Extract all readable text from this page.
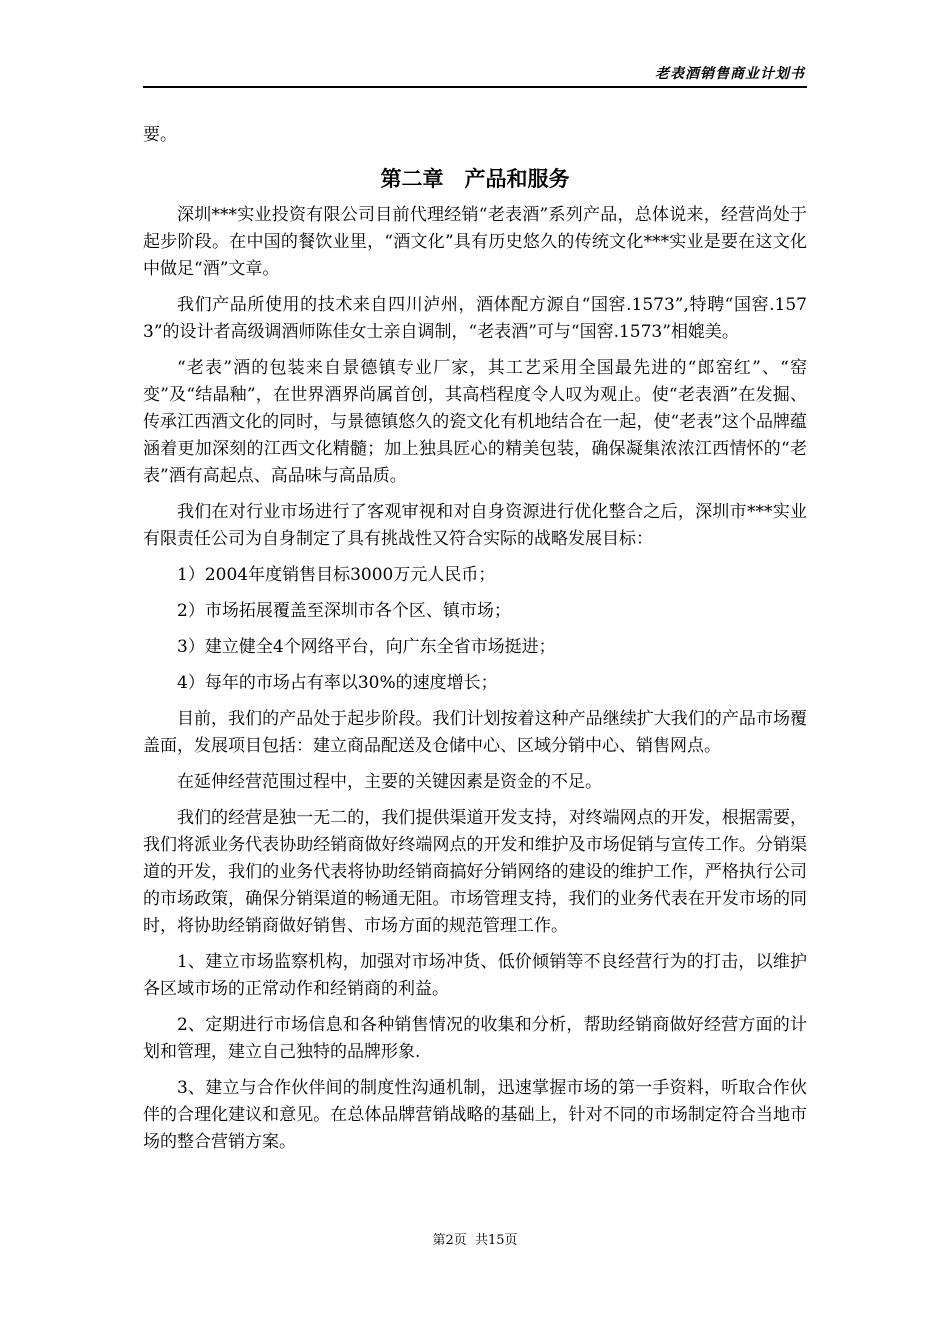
老表酒销售商业计划书

要。

第二章　产品和服务

深圳***实业投资有限公司目前代理经销“老表酒”系列产品，总体说来，经营尚处于起步阶段。在中国的餐饮业里，“酒文化”具有历史悠久的传统文化***实业是要在这文化中做足“酒”文章。

我们产品所使用的技术来自四川泸州，酒体配方源自“国窖.1573”,特聘“国窖.1573”的设计者高级调酒师陈佳女士亲自调制，“老表酒”可与“国窖.1573”相媲美。

“老表”酒的包装来自景德镇专业厂家，其工艺采用全国最先进的“郎窑红”、“窑变”及“结晶釉”，在世界酒界尚属首创，其高档程度令人叹为观止。使“老表酒”在发掘、传承江西酒文化的同时，与景德镇悠久的瓷文化有机地结合在一起，使“老表”这个品牌蕴涵着更加深刻的江西文化精髓；加上独具匠心的精美包装，确保凝集浓浓江西情怀的“老表”酒有高起点、高品味与高品质。

我们在对行业市场进行了客观审视和对自身资源进行优化整合之后，深圳市***实业有限责任公司为自身制定了具有挑战性又符合实际的战略发展目标：

1）2004年度销售目标3000万元人民币；

2）市场拓展覆盖至深圳市各个区、镇市场；

3）建立健全4个网络平台，向广东全省市场挺进；

4）每年的市场占有率以30%的速度增长；

目前，我们的产品处于起步阶段。我们计划按着这种产品继续扩大我们的产品市场覆盖面，发展项目包括：建立商品配送及仓储中心、区域分销中心、销售网点。

在延伸经营范围过程中，主要的关键因素是资金的不足。

我们的经营是独一无二的，我们提供渠道开发支持，对终端网点的开发，根据需要，我们将派业务代表协助经销商做好终端网点的开发和维护及市场促销与宣传工作。分销渠道的开发，我们的业务代表将协助经销商搞好分销网络的建设的维护工作，严格执行公司的市场政策，确保分销渠道的畅通无阻。市场管理支持，我们的业务代表在开发市场的同时，将协助经销商做好销售、市场方面的规范管理工作。

1、建立市场监察机构，加强对市场冲货、低价倾销等不良经营行为的打击，以维护各区域市场的正常动作和经销商的利益。

2、定期进行市场信息和各种销售情况的收集和分析，帮助经销商做好经营方面的计划和管理，建立自己独特的品牌形象.

3、建立与合作伙伴间的制度性沟通机制，迅速掌握市场的第一手资料，听取合作伙伴的合理化建议和意见。在总体品牌营销战略的基础上，针对不同的市场制定符合当地市场的整合营销方案。

第2页  共15页
